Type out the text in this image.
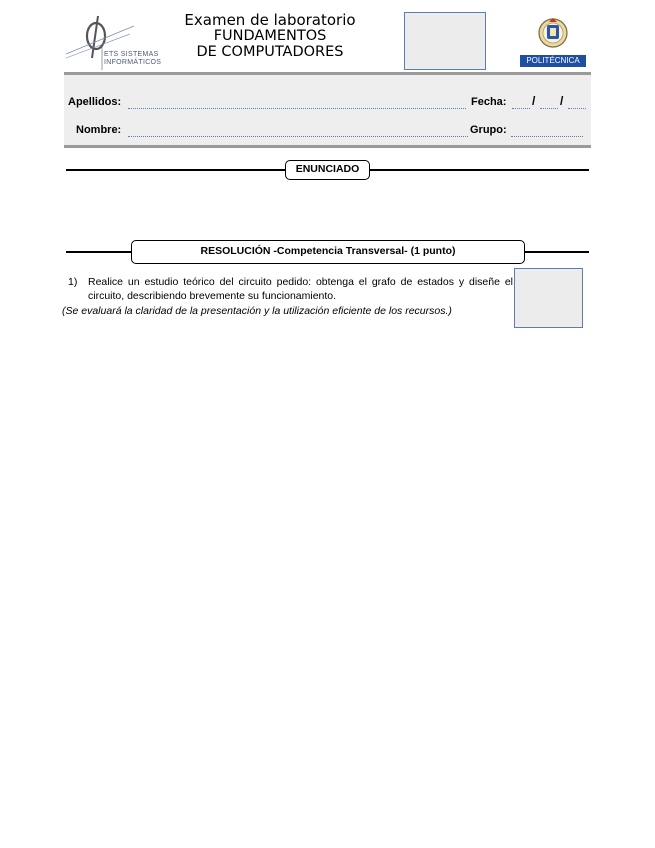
ETS SISTEMAS
INFORMÁTICOS
Examen de laboratorio
FUNDAMENTOS
DE COMPUTADORES
POLITÉCNICA
Apellidos:	Fecha: / /
Nombre:	Grupo:
ENUNCIADO
RESOLUCIÓN -Competencia Transversal- (1 punto)
1) Realice un estudio teórico del circuito pedido: obtenga el grafo de estados y diseñe el circuito, describiendo brevemente su funcionamiento.
(Se evaluará la claridad de la presentación y la utilización eficiente de los recursos.)
